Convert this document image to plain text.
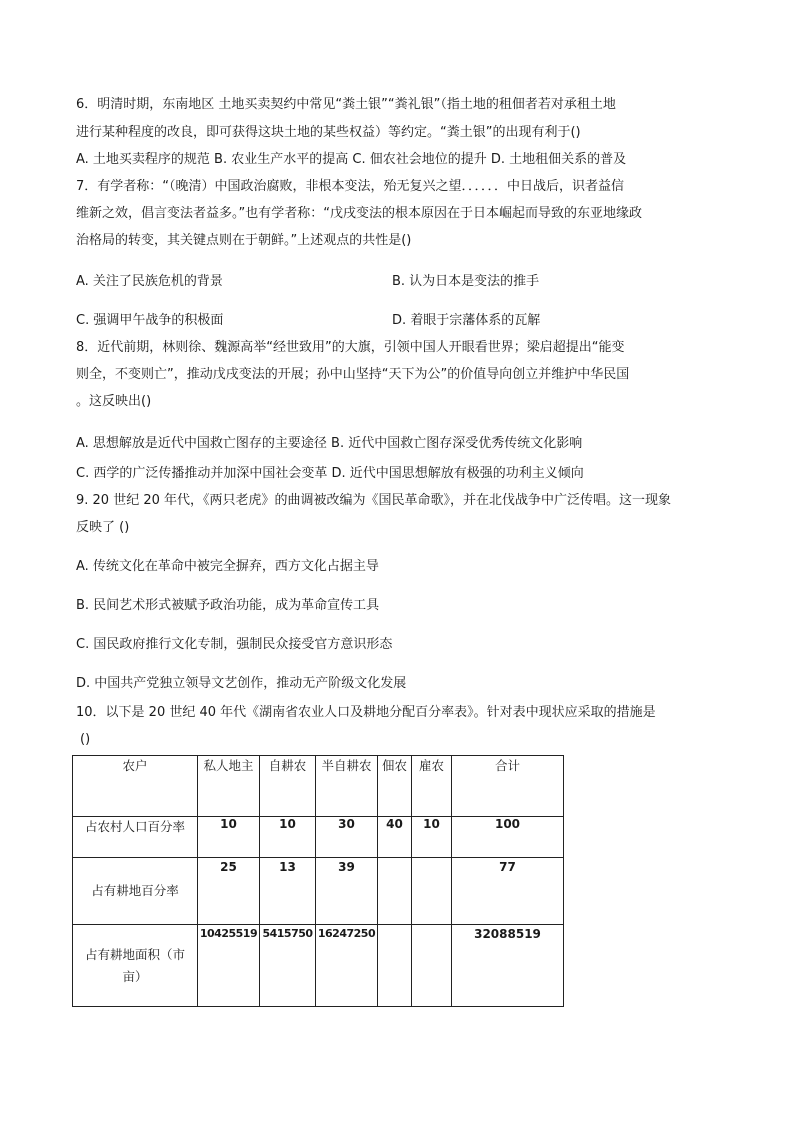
6．明清时期，东南地区 土地买卖契约中常见“粪土银”“粪礼银”（指土地的租佃者若对承租土地
进行某种程度的改良，即可获得这块土地的某些权益）等约定。“粪土银”的出现有利于()
A. 土地买卖程序的规范 B. 农业生产水平的提高 C. 佃农社会地位的提升 D. 土地租佃关系的普及
7．有学者称：“（晚清）中国政治腐败，非根本变法，殆无复兴之望．．．．．．中日战后，识者益信
维新之效，倡言变法者益多。”也有学者称：“戊戌变法的根本原因在于日本崛起而导致的东亚地缘政
治格局的转变，其关键点则在于朝鲜。”上述观点的共性是()
A. 关注了民族危机的背景	B. 认为日本是变法的推手
C. 强调甲午战争的积极面	D. 着眼于宗藩体系的瓦解
8．近代前期，林则徐、魏源高举“经世致用”的大旗，引领中国人开眼看世界；梁启超提出“能变
则全，不变则亡”，推动戊戌变法的开展；孙中山坚持“天下为公”的价值导向创立并维护中华民国
。这反映出()
A. 思想解放是近代中国救亡图存的主要途径 B. 近代中国救亡图存深受优秀传统文化影响
C. 西学的广泛传播推动并加深中国社会变革 D. 近代中国思想解放有极强的功利主义倾向
9. 20 世纪 20 年代，《两只老虎》的曲调被改编为《国民革命歌》，并在北伐战争中广泛传唱。这一现象
反映了 ()
A. 传统文化在革命中被完全摒弃，西方文化占据主导
B. 民间艺术形式被赋予政治功能，成为革命宣传工具
C. 国民政府推行文化专制，强制民众接受官方意识形态
D. 中国共产党独立领导文艺创作，推动无产阶级文化发展
10．以下是 20 世纪 40 年代《湖南省农业人口及耕地分配百分率表》。针对表中现状应采取的措施是
()
农户	私人地主	自耕农	半自耕农	佃农	雇农	合计
占农村人口百分率	10	10	30	40	10	100
占有耕地百分率	25	13	39			77
占有耕地面积（市亩）	10425519	5415750	16247250			32088519
